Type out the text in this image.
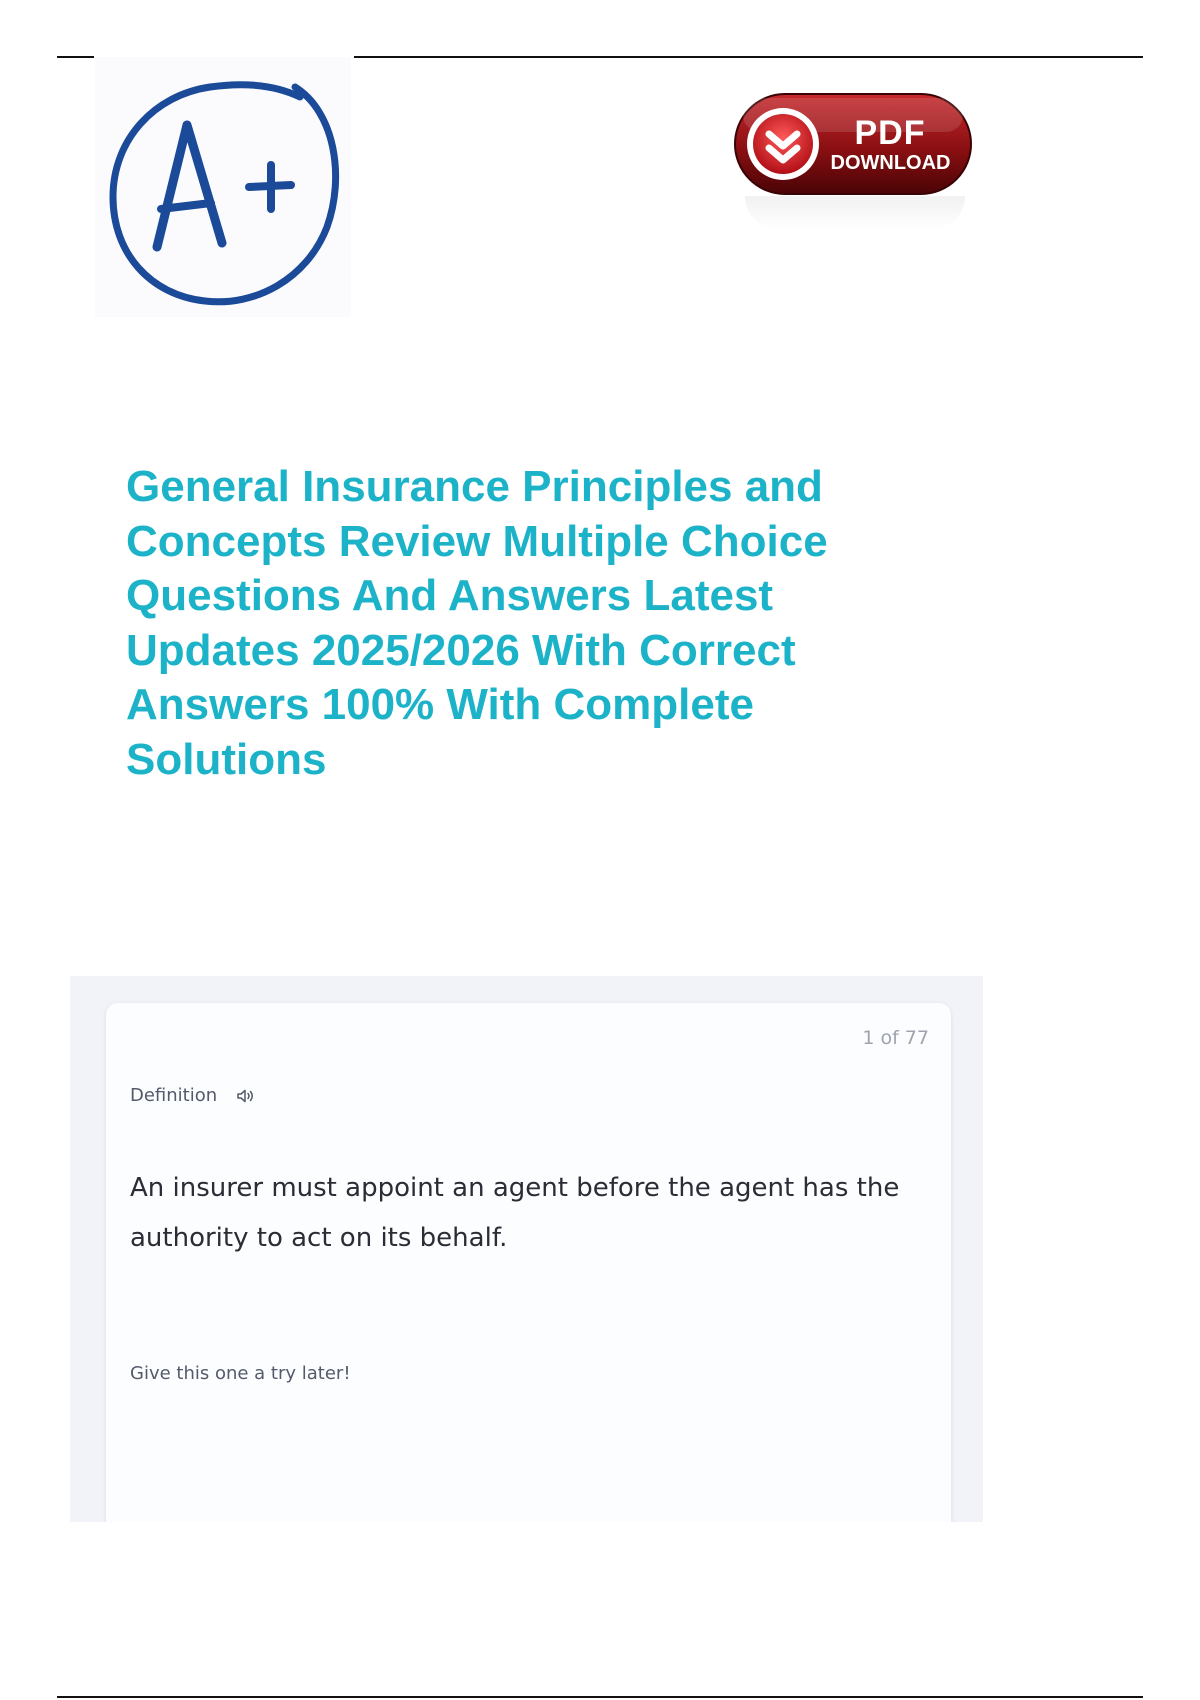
PDF
DOWNLOAD
General Insurance Principles and Concepts Review Multiple Choice Questions And Answers Latest Updates 2025/2026 With Correct Answers 100% With Complete Solutions
1 of 77
Definition

An insurer must appoint an agent before the agent has the authority to act on its behalf.

Give this one a try later!
